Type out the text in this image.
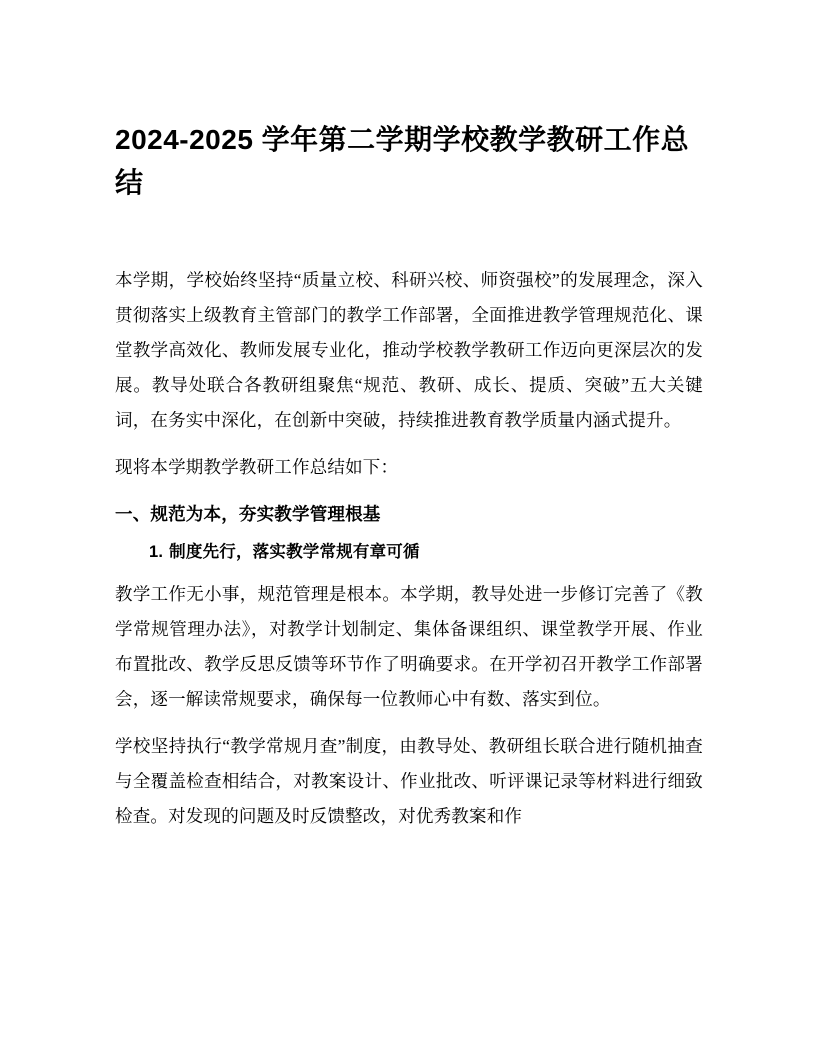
2024-2025 学年第二学期学校教学教研工作总结

本学期，学校始终坚持“质量立校、科研兴校、师资强校”的发展理念，深入贯彻落实上级教育主管部门的教学工作部署，全面推进教学管理规范化、课堂教学高效化、教师发展专业化，推动学校教学教研工作迈向更深层次的发展。教导处联合各教研组聚焦“规范、教研、成长、提质、突破”五大关键词，在务实中深化，在创新中突破，持续推进教育教学质量内涵式提升。

现将本学期教学教研工作总结如下：

一、规范为本，夯实教学管理根基
1. 制度先行，落实教学常规有章可循

教学工作无小事，规范管理是根本。本学期，教导处进一步修订完善了《教学常规管理办法》，对教学计划制定、集体备课组织、课堂教学开展、作业布置批改、教学反思反馈等环节作了明确要求。在开学初召开教学工作部署会，逐一解读常规要求，确保每一位教师心中有数、落实到位。

学校坚持执行“教学常规月查”制度，由教导处、教研组长联合进行随机抽查与全覆盖检查相结合，对教案设计、作业批改、听评课记录等材料进行细致检查。对发现的问题及时反馈整改，对优秀教案和作
